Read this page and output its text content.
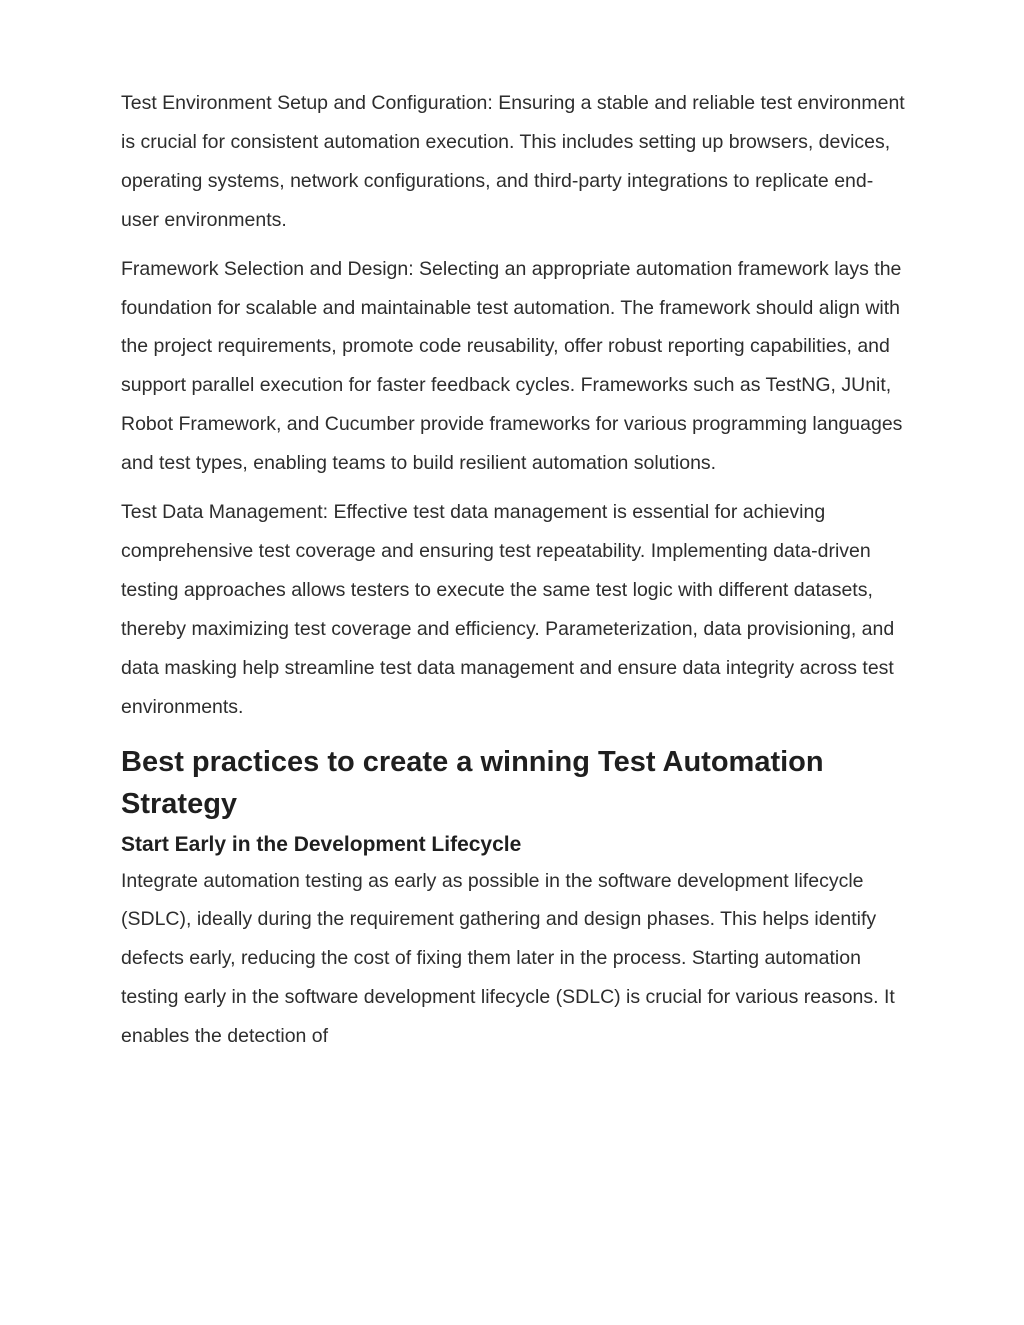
Test Environment Setup and Configuration: Ensuring a stable and reliable test environment is crucial for consistent automation execution. This includes setting up browsers, devices, operating systems, network configurations, and third-party integrations to replicate end-user environments.

Framework Selection and Design: Selecting an appropriate automation framework lays the foundation for scalable and maintainable test automation. The framework should align with the project requirements, promote code reusability, offer robust reporting capabilities, and support parallel execution for faster feedback cycles. Frameworks such as TestNG, JUnit, Robot Framework, and Cucumber provide frameworks for various programming languages and test types, enabling teams to build resilient automation solutions.

Test Data Management: Effective test data management is essential for achieving comprehensive test coverage and ensuring test repeatability. Implementing data-driven testing approaches allows testers to execute the same test logic with different datasets, thereby maximizing test coverage and efficiency. Parameterization, data provisioning, and data masking help streamline test data management and ensure data integrity across test environments.

Best practices to create a winning Test Automation Strategy
Start Early in the Development Lifecycle

Integrate automation testing as early as possible in the software development lifecycle (SDLC), ideally during the requirement gathering and design phases. This helps identify defects early, reducing the cost of fixing them later in the process. Starting automation testing early in the software development lifecycle (SDLC) is crucial for various reasons. It enables the detection of
